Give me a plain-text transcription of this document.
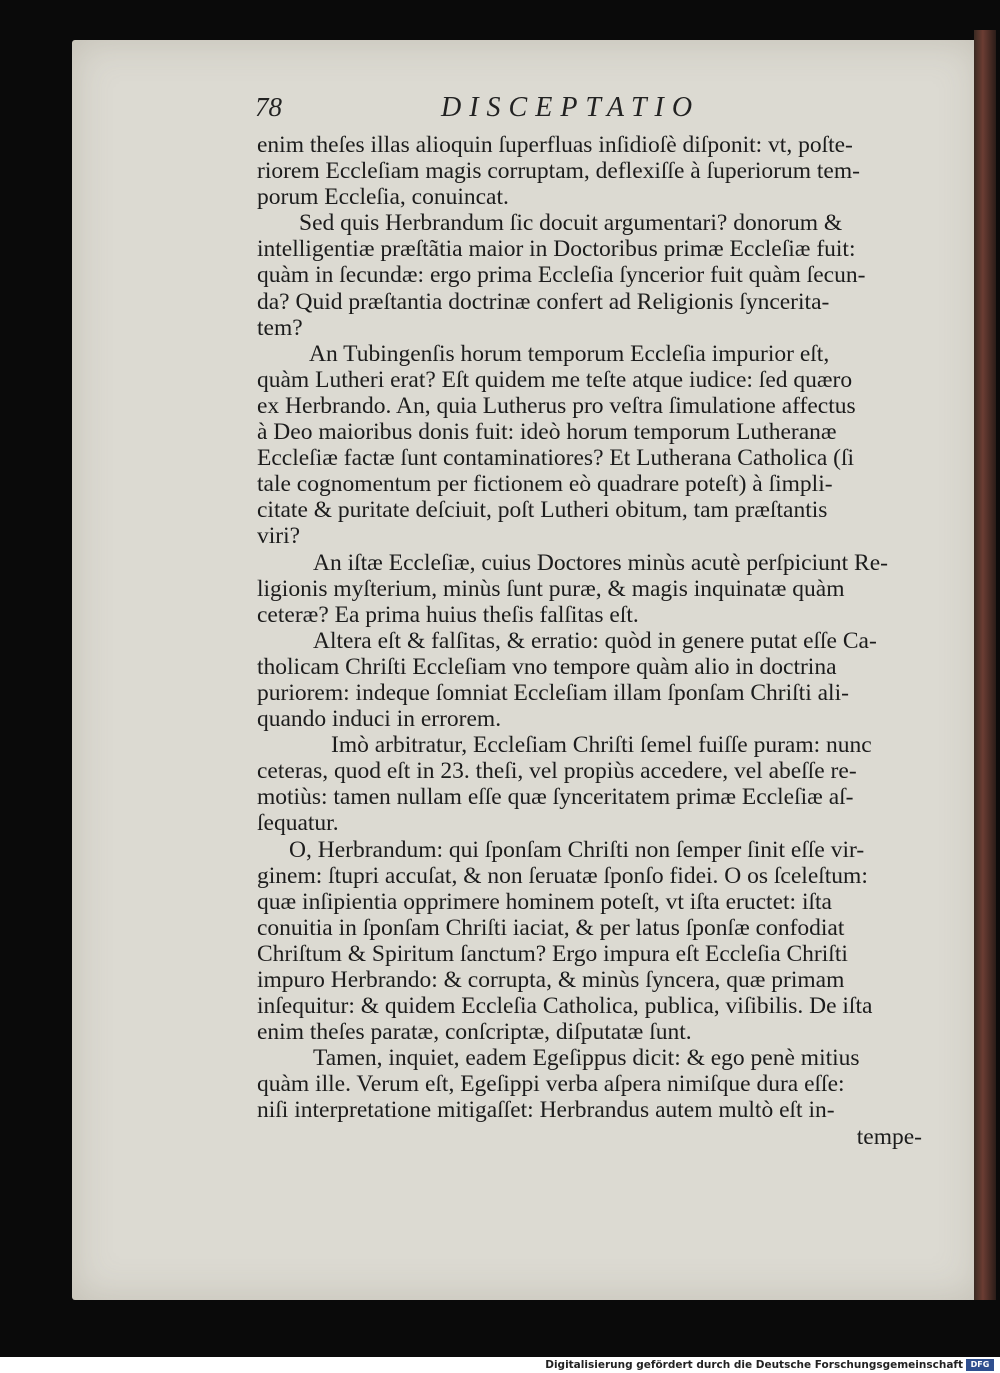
78	DISCEPTATIO
enim theſes illas alioquin ſuperfluas inſidioſè diſponit: vt, poſte-
riorem Eccleſiam magis corruptam, deflexiſſe à ſuperiorum tem-
porum Eccleſia, conuincat.
Sed quis Herbrandum ſic docuit argumentari? donorum &
intelligentiæ præſtãtia maior in Doctoribus primæ Eccleſiæ fuit:
quàm in ſecundæ: ergo prima Eccleſia ſyncerior fuit quàm ſecun-
da? Quid præſtantia doctrinæ confert ad Religionis ſyncerita-
tem?
An Tubingenſis horum temporum Eccleſia impurior eſt,
quàm Lutheri erat? Eſt quidem me teſte atque iudice: ſed quæro
ex Herbrando. An, quia Lutherus pro veſtra ſimulatione affectus
à Deo maioribus donis fuit: ideò horum temporum Lutheranæ
Eccleſiæ factæ ſunt contaminatiores? Et Lutherana Catholica (ſi
tale cognomentum per fictionem eò quadrare poteſt) à ſimpli-
citate & puritate deſciuit, poſt Lutheri obitum, tam præſtantis
viri?
An iſtæ Eccleſiæ, cuius Doctores minùs acutè perſpiciunt Re-
ligionis myſterium, minùs ſunt puræ, & magis inquinatæ quàm
ceteræ? Ea prima huius theſis falſitas eſt.
Altera eſt & falſitas, & erratio: quòd in genere putat eſſe Ca-
tholicam Chriſti Eccleſiam vno tempore quàm alio in doctrina
puriorem: indeque ſomniat Eccleſiam illam ſponſam Chriſti ali-
quando induci in errorem.
Imò arbitratur, Eccleſiam Chriſti ſemel fuiſſe puram: nunc
ceteras, quod eſt in 23. theſi, vel propiùs accedere, vel abeſſe re-
motiùs: tamen nullam eſſe quæ ſynceritatem primæ Eccleſiæ aſ-
ſequatur.
O, Herbrandum: qui ſponſam Chriſti non ſemper ſinit eſſe vir-
ginem: ſtupri accuſat, & non ſeruatæ ſponſo fidei. O os ſceleſtum:
quæ inſipientia opprimere hominem poteſt, vt iſta eructet: iſta
conuitia in ſponſam Chriſti iaciat, & per latus ſponſæ confodiat
Chriſtum & Spiritum ſanctum? Ergo impura eſt Eccleſia Chriſti
impuro Herbrando: & corrupta, & minùs ſyncera, quæ primam
inſequitur: & quidem Eccleſia Catholica, publica, viſibilis. De iſta
enim theſes paratæ, conſcriptæ, diſputatæ ſunt.
Tamen, inquiet, eadem Egeſippus dicit: & ego penè mitius
quàm ille. Verum eſt, Egeſippi verba aſpera nimiſque dura eſſe:
niſi interpretatione mitigaſſet: Herbrandus autem multò eſt in-
tempe-
Digitalisierung gefördert durch die Deutsche Forschungsgemeinschaft DFG
